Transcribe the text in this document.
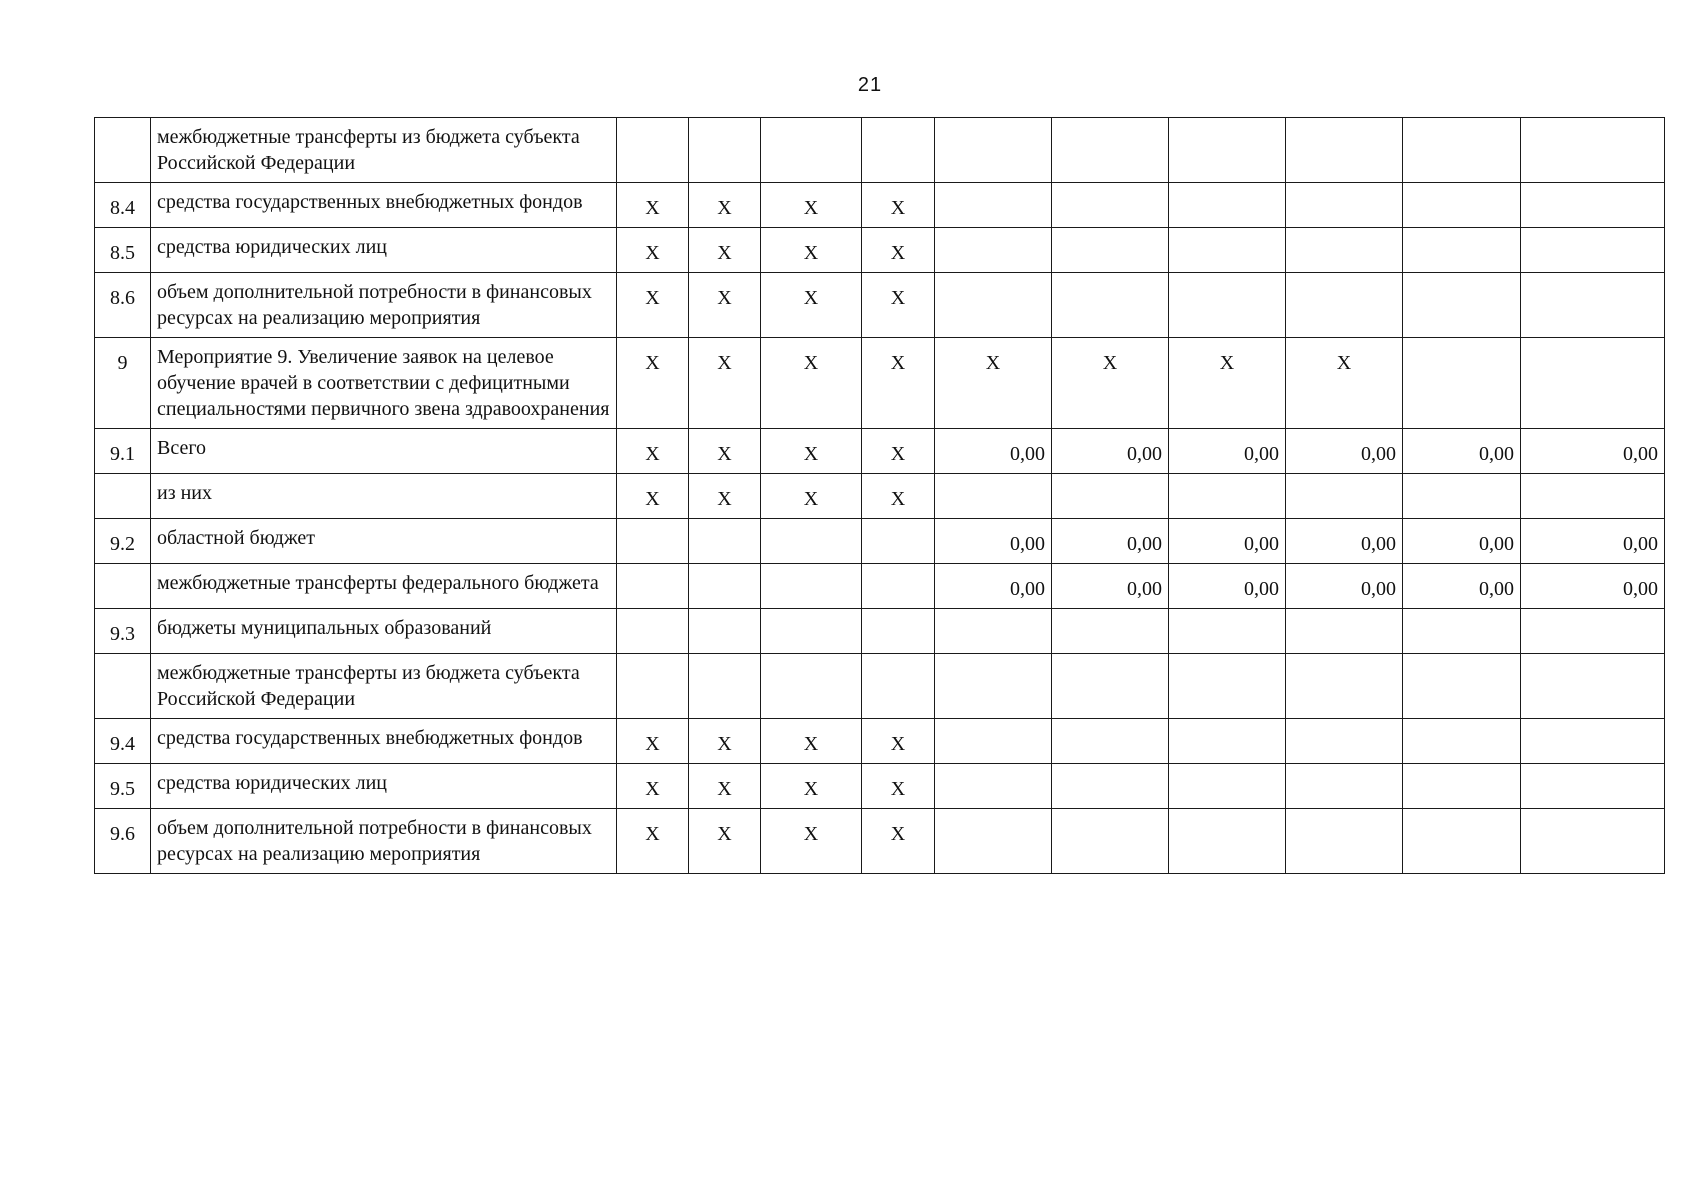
21
	межбюджетные трансферты из бюджета субъекта Российской Федерации										
8.4	средства государственных внебюджетных фондов	X	X	X	X						
8.5	средства юридических лиц	X	X	X	X						
8.6	объем дополнительной потребности в финансовых ресурсах на реализацию мероприятия	X	X	X	X						
9	Мероприятие 9. Увеличение заявок на целевое обучение врачей в соответствии с дефицитными специальностями первичного звена здравоохранения	X	X	X	X	X	X	X	X		
9.1	Всего	X	X	X	X	0,00	0,00	0,00	0,00	0,00	0,00
	из них	X	X	X	X						
9.2	областной бюджет					0,00	0,00	0,00	0,00	0,00	0,00
	межбюджетные трансферты федерального бюджета					0,00	0,00	0,00	0,00	0,00	0,00
9.3	бюджеты муниципальных образований										
	межбюджетные трансферты из бюджета субъекта Российской Федерации										
9.4	средства государственных внебюджетных фондов	X	X	X	X						
9.5	средства юридических лиц	X	X	X	X						
9.6	объем дополнительной потребности в финансовых ресурсах на реализацию мероприятия	X	X	X	X						
